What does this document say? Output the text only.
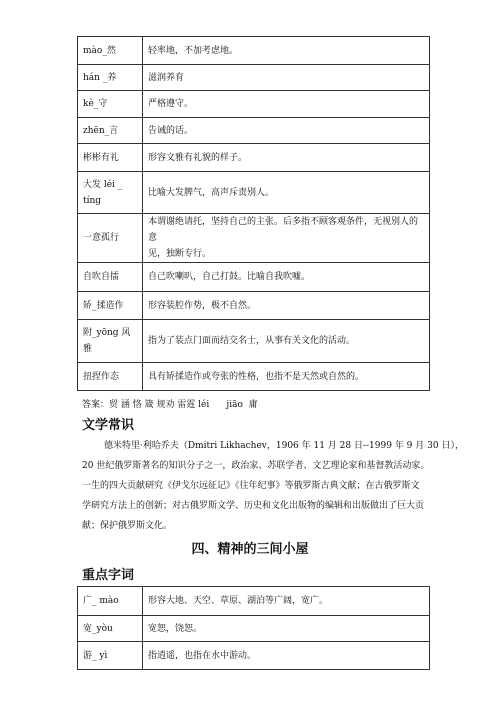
mào_然	轻率地，不加考虑地。

hán _养	滋润养育

kè_守	严格遵守。

zhēn_言	告诫的话。

彬彬有礼	形容文雅有礼貌的样子。

大发 léi _
tíng	比喻大发脾气，高声斥责别人。

一意孤行	本谓谢绝请托，坚持自己的主张。后多指不顾客观条件，无视别人的意
见，独断专行。

自吹自擂	自己吹喇叭，自己打鼓。比喻自我吹嘘。

矫_揉造作	形容装腔作势，极不自然。

附_yōng 风
雅	指为了装点门面而结交名士，从事有关文化的活动。

扭捏作态	具有矫揉造作或夸张的性格，也指不是天然或自然的。
答案：贸 涵 恪 箴 规劝 雷霆 léi      jiāo  庸
文学常识
德米特里·利哈乔夫（Dmitri Likhachev，1906 年 11 月 28 日--1999 年 9 月 30 日），
20 世纪俄罗斯著名的知识分子之一，政治家、苏联学者、文艺理论家和基督教活动家。
一生的四大贡献研究《伊戈尔远征记》《往年纪事》等俄罗斯古典文献；在古俄罗斯文
学研究方法上的创新；对古俄罗斯文学、历史和文化出版物的编辑和出版做出了巨大贡
献；保护俄罗斯文化。
四、精神的三间小屋
重点字词
广_ mào	形容大地、天空、草原、湖泊等广阔，宽广。

宽_yòu	宽恕，饶恕。

游_ yì	指逍遥，也指在水中游动。
